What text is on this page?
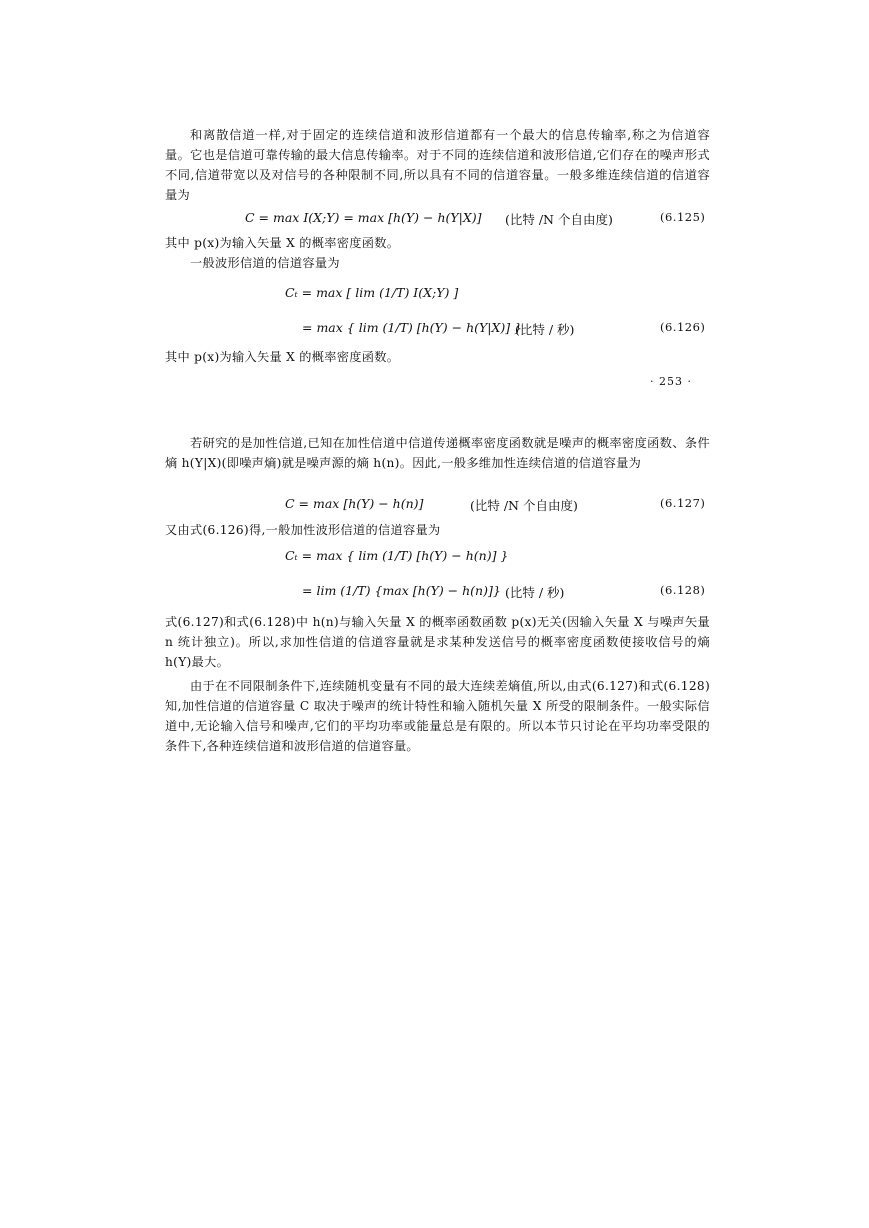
和离散信道一样,对于固定的连续信道和波形信道都有一个最大的信息传输率,称之为信道容量。它也是信道可靠传输的最大信息传输率。对于不同的连续信道和波形信道,它们存在的噪声形式不同,信道带宽以及对信号的各种限制不同,所以具有不同的信道容量。一般多维连续信道的信道容量为

C = max I(X;Y) = max [h(Y) − h(Y|X)] (比特 /N 个自由度)	(6.125)

其中 p(x)为输入矢量 X 的概率密度函数。

一般波形信道的信道容量为

Cₜ = max [ lim (1/T) I(X;Y) ]
= max { lim (1/T) [h(Y) − h(Y|X)] }
(比特 / 秒)	(6.126)

其中 p(x)为输入矢量 X 的概率密度函数。

· 253 ·

若研究的是加性信道,已知在加性信道中信道传递概率密度函数就是噪声的概率密度函数、条件熵 h(Y|X)(即噪声熵)就是噪声源的熵 h(n)。因此,一般多维加性连续信道的信道容量为

C = max [h(Y) − h(n)]	(比特 /N 个自由度)	(6.127)

又由式(6.126)得,一般加性波形信道的信道容量为

Cₜ = max { lim (1/T) [h(Y) − h(n)] }
= lim (1/T) {max [h(Y) − h(n)]} (比特 / 秒)	(6.128)

式(6.127)和式(6.128)中 h(n)与输入矢量 X 的概率函数函数 p(x)无关(因输入矢量 X 与噪声矢量 n 统计独立)。所以,求加性信道的信道容量就是求某种发送信号的概率密度函数使接收信号的熵 h(Y)最大。

由于在不同限制条件下,连续随机变量有不同的最大连续差熵值,所以,由式(6.127)和式(6.128)知,加性信道的信道容量 C 取决于噪声的统计特性和输入随机矢量 X 所受的限制条件。一般实际信道中,无论输入信号和噪声,它们的平均功率或能量总是有限的。所以本节只讨论在平均功率受限的条件下,各种连续信道和波形信道的信道容量。
